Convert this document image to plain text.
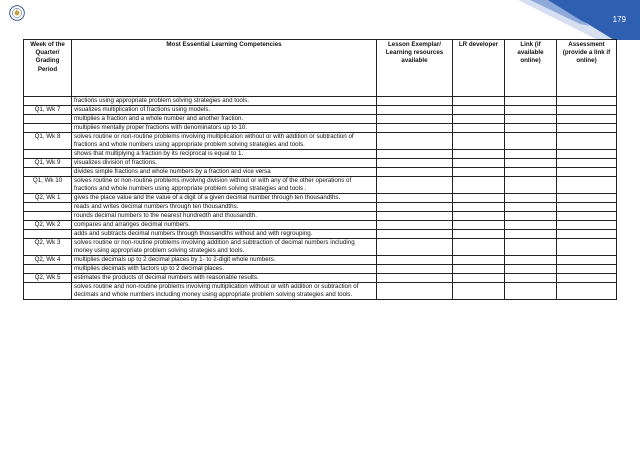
179
Week of the Quarter/ Grading Period	Most Essential Learning Competencies	Lesson Exemplar/ Learning resources available	LR developer	Link (if available online)	Assessment (provide a link if online)
	fractions using appropriate problem solving strategies and tools.				
Q1, Wk 7	visualizes multiplication of fractions using models.				
	multiplies a fraction and a whole number and another fraction.				
	multiplies mentally proper fractions with denominators up to 10.				
Q1, Wk 8	solves routine or non-routine problems involving multiplication without or with addition or subtraction of fractions and whole numbers using appropriate problem solving strategies and tools.				
	shows that multiplying a fraction by its reciprocal is equal to 1.				
Q1, Wk 9	visualizes division of fractions.				
	divides simple fractions and whole numbers by a fraction and vice versa				
Q1, Wk 10	solves routine or non-routine problems involving division without or with any of the other operations of fractions and whole numbers using appropriate problem solving strategies and tools .				
Q2, Wk 1	gives the place value and the value of a digit of a given decimal number through ten thousandths.				
	reads and writes decimal numbers through ten thousandths.				
	rounds decimal numbers to the nearest hundredth and thousandth.				
Q2, Wk 2	compares and arranges decimal numbers.				
	adds and subtracts decimal numbers through thousandths without and with regrouping.				
Q2, Wk 3	solves routine or non-routine problems involving addition and subtraction of decimal numbers including money using appropriate problem solving strategies and tools.				
Q2, Wk 4	multiplies decimals up to 2 decimal places by 1- to 2-digit whole numbers.				
	multiplies decimals with factors up to 2 decimal places.				
Q2, Wk 5	estimates the products of decimal numbers with reasonable results.				
	solves routine and non-routine problems involving multiplication without or with addition or subtraction of decimals and whole numbers including money using appropriate problem solving strategies and tools.				
